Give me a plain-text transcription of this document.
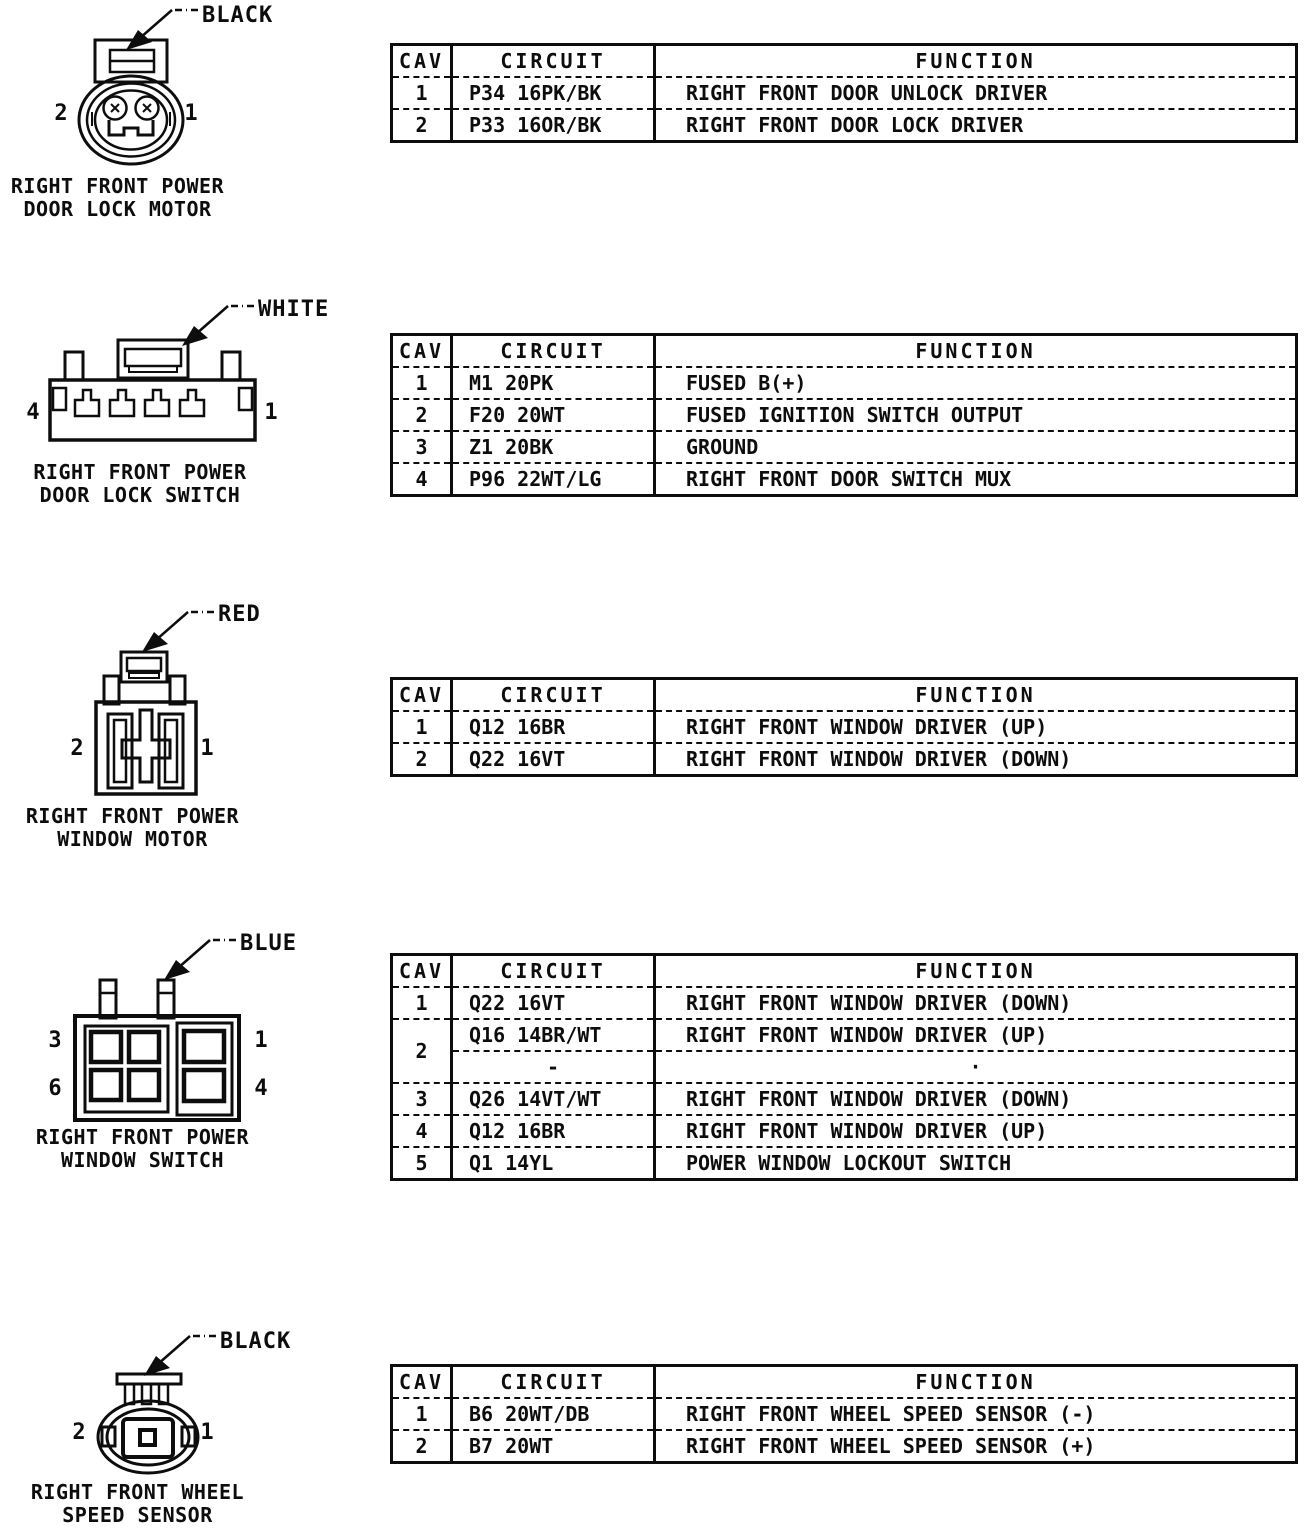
BLACK
2	1
RIGHT FRONT POWER
DOOR LOCK MOTOR
CAV	CIRCUIT	FUNCTION
1	P34 16PK/BK	RIGHT FRONT DOOR UNLOCK DRIVER
2	P33 16OR/BK	RIGHT FRONT DOOR LOCK DRIVER
WHITE
4	1
RIGHT FRONT POWER
DOOR LOCK SWITCH
CAV	CIRCUIT	FUNCTION
1	M1 20PK	FUSED B(+)
2	F20 20WT	FUSED IGNITION SWITCH OUTPUT
3	Z1 20BK	GROUND
4	P96 22WT/LG	RIGHT FRONT DOOR SWITCH MUX
RED
2	1
RIGHT FRONT POWER
WINDOW MOTOR
CAV	CIRCUIT	FUNCTION
1	Q12 16BR	RIGHT FRONT WINDOW DRIVER (UP)
2	Q22 16VT	RIGHT FRONT WINDOW DRIVER (DOWN)
BLUE
3
6
1
4
RIGHT FRONT POWER
WINDOW SWITCH
CAV	CIRCUIT	FUNCTION
1	Q22 16VT	RIGHT FRONT WINDOW DRIVER (DOWN)
2	Q16 14BR/WT	RIGHT FRONT WINDOW DRIVER (UP)
	-	·
3	Q26 14VT/WT	RIGHT FRONT WINDOW DRIVER (DOWN)
4	Q12 16BR	RIGHT FRONT WINDOW DRIVER (UP)
5	Q1 14YL	POWER WINDOW LOCKOUT SWITCH
BLACK
2	1
RIGHT FRONT WHEEL
SPEED SENSOR
CAV	CIRCUIT	FUNCTION
1	B6 20WT/DB	RIGHT FRONT WHEEL SPEED SENSOR (-)
2	B7 20WT	RIGHT FRONT WHEEL SPEED SENSOR (+)
